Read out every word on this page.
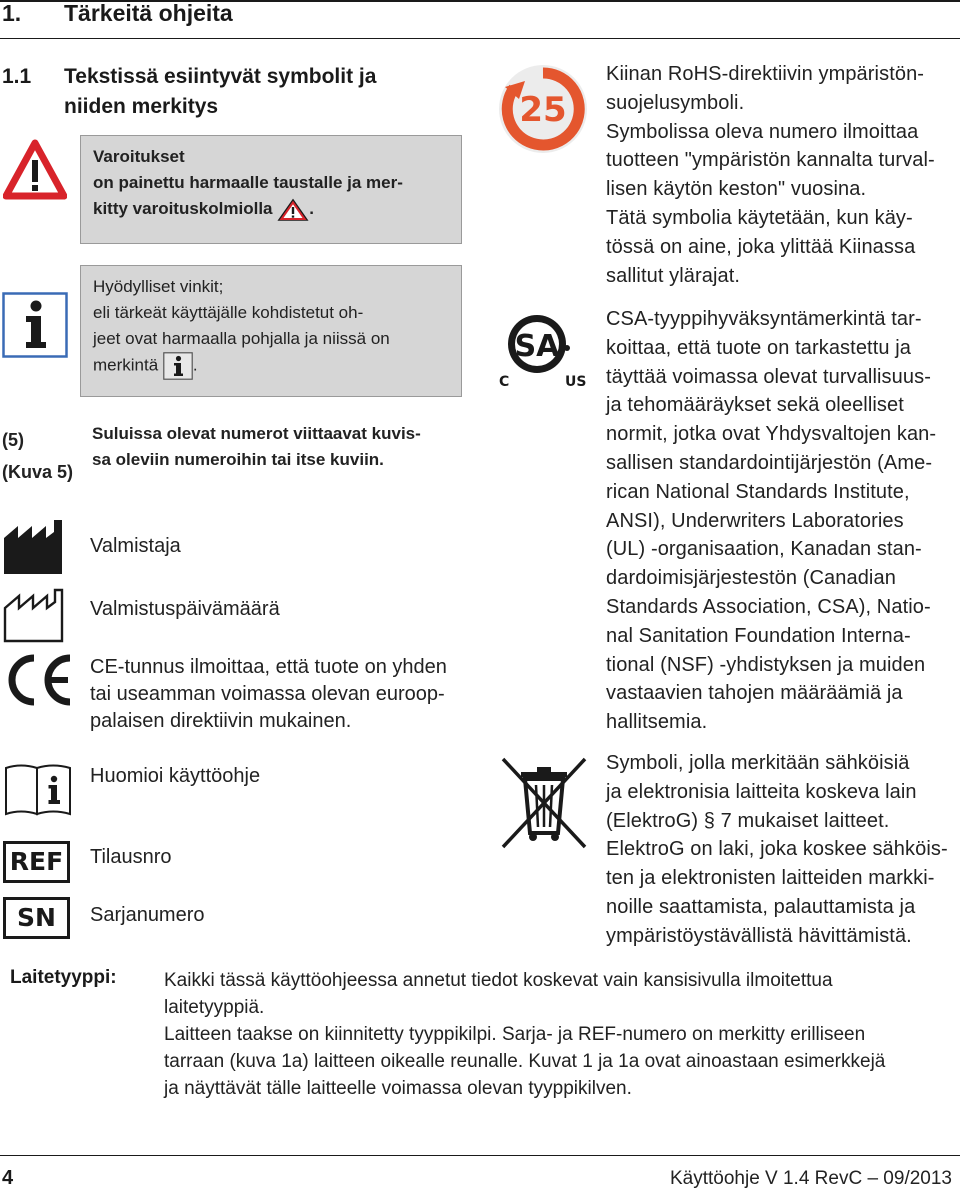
1. Tärkeitä ohjeita
1.1 Tekstissä esiintyvät symbolit ja
niiden merkitys
Varoitukset
on painettu harmaalle taustalle ja mer-
kitty varoituskolmiolla .
Hyödylliset vinkit;
eli tärkeät käyttäjälle kohdistetut oh-
jeet ovat harmaalla pohjalla ja niissä on
merkintä .
(5)
(Kuva 5)
Suluissa olevat numerot viittaavat kuvis-
sa oleviin numeroihin tai itse kuviin.
Valmistaja
Valmistuspäivämäärä
CE-tunnus ilmoittaa, että tuote on yhden
tai useamman voimassa olevan euroop-
palaisen direktiivin mukainen.
Huomioi käyttöohje
REF	Tilausnro
SN	Sarjanumero
25
Kiinan RoHS-direktiivin ympäristön-
suojelusymboli.
Symbolissa oleva numero ilmoittaa
tuotteen "ympäristön kannalta turval-
lisen käytön keston" vuosina.
Tätä symbolia käytetään, kun käy-
tössä on aine, joka ylittää Kiinassa
sallitut ylärajat.
SA
C	US
CSA-tyyppihyväksyntämerkintä tar-
koittaa, että tuote on tarkastettu ja
täyttää voimassa olevat turvallisuus-
ja tehomääräykset sekä oleelliset
normit, jotka ovat Yhdysvaltojen kan-
sallisen standardointijärjestön (Ame-
rican National Standards Institute,
ANSI), Underwriters Laboratories
(UL) -organisaation, Kanadan stan-
dardoimisjärjestestön (Canadian
Standards Association, CSA), Natio-
nal Sanitation Foundation Interna-
tional (NSF) -yhdistyksen ja muiden
vastaavien tahojen määräämiä ja
hallitsemia.
Symboli, jolla merkitään sähköisiä
ja elektronisia laitteita koskeva lain
(ElektroG) § 7 mukaiset laitteet.
ElektroG on laki, joka koskee sähköis-
ten ja elektronisten laitteiden markki-
noille saattamista, palauttamista ja
ympäristöystävällistä hävittämistä.
Laitetyyppi: Kaikki tässä käyttöohjeessa annetut tiedot koskevat vain kansisivulla ilmoitettua
laitetyyppiä.
Laitteen taakse on kiinnitetty tyyppikilpi. Sarja- ja REF-numero on merkitty erilliseen
tarraan (kuva 1a) laitteen oikealle reunalle. Kuvat 1 ja 1a ovat ainoastaan esimerkkejä
ja näyttävät tälle laitteelle voimassa olevan tyyppikilven.
4	Käyttöohje V 1.4 RevC – 09/2013
